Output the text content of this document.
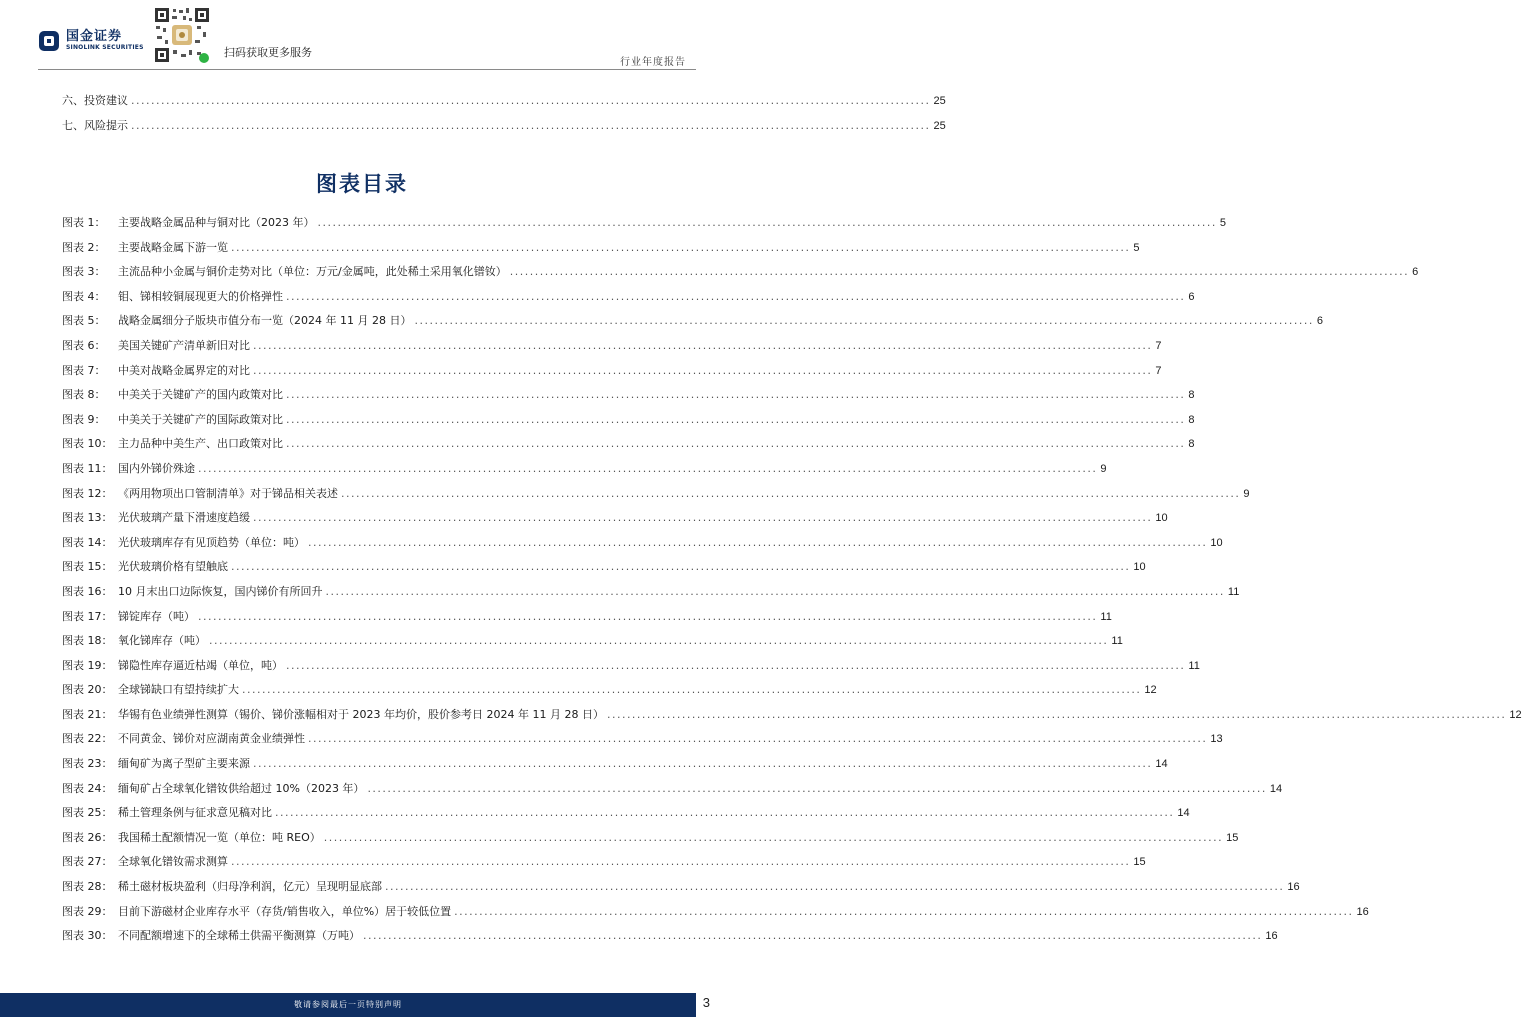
国金证券
SINOLINK SECURITIES	扫码获取更多服务
行业年度报告
六、 投资建议 ................................................................................................................................................................ 25
七、 风险提示 ................................................................................................................................................................ 25
图表目录
图表 1：	主要战略金属品种与铜对比（2023 年） .................................................................................................................................................................................... 5
图表 2：	主要战略金属下游一览 .................................................................................................................................................................................... 5
图表 3：	主流品种小金属与铜价走势对比（单位：万元/金属吨，此处稀土采用氧化镨钕） .................................................................................................................................................................................... 6
图表 4：	钼、锑相较铜展现更大的价格弹性 .................................................................................................................................................................................... 6
图表 5：	战略金属细分子版块市值分布一览（2024 年 11 月 28 日） .................................................................................................................................................................................... 6
图表 6：	美国关键矿产清单新旧对比 .................................................................................................................................................................................... 7
图表 7：	中美对战略金属界定的对比 .................................................................................................................................................................................... 7
图表 8：	中美关于关键矿产的国内政策对比 .................................................................................................................................................................................... 8
图表 9：	中美关于关键矿产的国际政策对比 .................................................................................................................................................................................... 8
图表 10： 主力品种中美生产、出口政策对比 .................................................................................................................................................................................... 8
图表 11： 国内外锑价殊途 .................................................................................................................................................................................... 9
图表 12： 《两用物项出口管制清单》对于锑品相关表述 .................................................................................................................................................................................... 9
图表 13： 光伏玻璃产量下滑速度趋缓 .................................................................................................................................................................................... 10
图表 14： 光伏玻璃库存有见顶趋势（单位：吨） .................................................................................................................................................................................... 10
图表 15： 光伏玻璃价格有望触底 .................................................................................................................................................................................... 10
图表 16： 10 月末出口边际恢复，国内锑价有所回升 .................................................................................................................................................................................... 11
图表 17： 锑锭库存（吨） .................................................................................................................................................................................... 11
图表 18： 氧化锑库存（吨） .................................................................................................................................................................................... 11
图表 19： 锑隐性库存逼近枯竭（单位，吨） .................................................................................................................................................................................... 11
图表 20： 全球锑缺口有望持续扩大 .................................................................................................................................................................................... 12
图表 21： 华锡有色业绩弹性测算（锡价、锑价涨幅相对于 2023 年均价，股价参考日 2024 年 11 月 28 日） .................................................................................................................................................................................... 12
图表 22： 不同黄金、锑价对应湖南黄金业绩弹性 .................................................................................................................................................................................... 13
图表 23： 缅甸矿为离子型矿主要来源 .................................................................................................................................................................................... 14
图表 24： 缅甸矿占全球氧化镨钕供给超过 10%（2023 年） .................................................................................................................................................................................... 14
图表 25： 稀土管理条例与征求意见稿对比 .................................................................................................................................................................................... 14
图表 26： 我国稀土配额情况一览（单位：吨 REO） .................................................................................................................................................................................... 15
图表 27： 全球氧化镨钕需求测算 .................................................................................................................................................................................... 15
图表 28： 稀土磁材板块盈利（归母净利润，亿元）呈现明显底部 .................................................................................................................................................................................... 16
图表 29： 目前下游磁材企业库存水平（存货/销售收入，单位%）居于较低位置 .................................................................................................................................................................................... 16
图表 30： 不同配额增速下的全球稀土供需平衡测算（万吨） .................................................................................................................................................................................... 16
敬请参阅最后一页特别声明	3
